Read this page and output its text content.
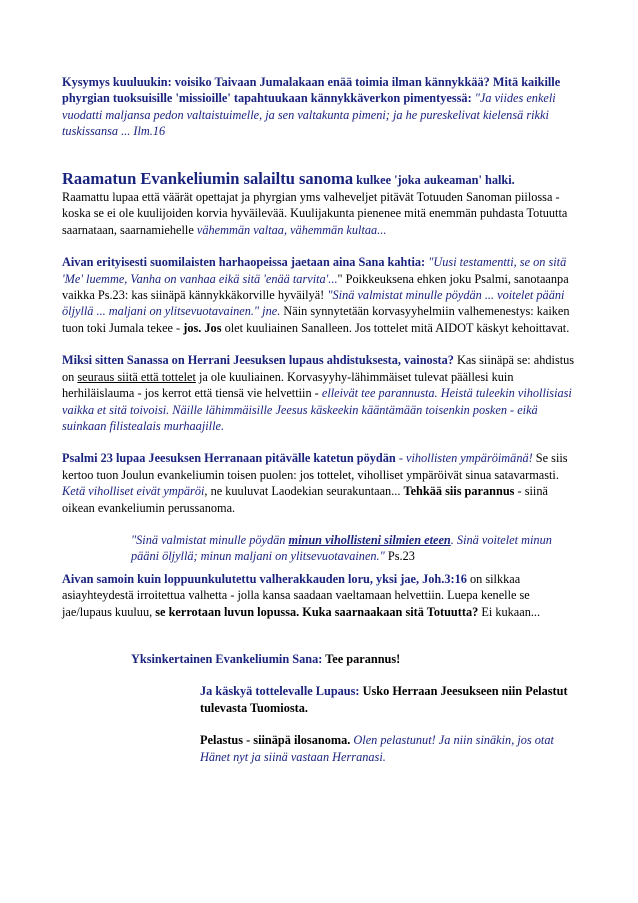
Kysymys kuuluukin: voisiko Taivaan Jumalakaan enää toimia ilman kännykkää? Mitä kaikille phyrgian tuoksuisille 'missioille' tapahtuukaan kännykkäverkon pimentyessä: "Ja viides enkeli vuodatti maljansa pedon valtaistuimelle, ja sen valtakunta pimeni; ja he pureskelivat kielensä rikki tuskissansa ... Ilm.16

Raamatun Evankeliumin salailtu sanoma kulkee 'joka aukeaman' halki.

Raamattu lupaa että väärät opettajat ja phyrgian yms valheveljet pitävät Totuuden Sanoman piilossa - koska se ei ole kuulijoiden korvia hyväilevää. Kuulijakunta pienenee mitä enemmän puhdasta Totuutta saarnataan, saarnamiehelle vähemmän valtaa, vähemmän kultaa...

Aivan erityisesti suomilaisten harhaopeissa jaetaan aina Sana kahtia: "Uusi testamentti, se on sitä 'Me' luemme, Vanha on vanhaa eikä sitä 'enää tarvita'..." Poikkeuksena ehken joku Psalmi, sanotaanpa vaikka Ps.23: kas siinäpä kännykkäkorville hyväilyä! "Sinä valmistat minulle pöydän ... voitelet pääni öljyllä ... maljani on ylitsevuotavainen." jne. Näin synnytetään korvasyyhelmiin valhemenestys: kaiken tuon toki Jumala tekee - jos. Jos olet kuuliainen Sanalleen. Jos tottelet mitä AIDOT käskyt kehoittavat.

Miksi sitten Sanassa on Herrani Jeesuksen lupaus ahdistuksesta, vainosta? Kas siinäpä se: ahdistus on seuraus siitä että tottelet ja ole kuuliainen. Korvasyyhy-lähimmäiset tulevat päällesi kuin herhiläislauma - jos kerrot että tiensä vie helvettiin - elleivät tee parannusta. Heistä tuleekin vihollisiasi vaikka et sitä toivoisi. Näille lähimmäisille Jeesus käskeekin kääntämään toisenkin posken - eikä suinkaan filistealais murhaajille.

Psalmi 23 lupaa Jeesuksen Herranaan pitävälle katetun pöydän - vihollisten ympäröimänä! Se siis kertoo tuon Joulun evankeliumin toisen puolen: jos tottelet, viholliset ympäröivät sinua satavarmasti. Ketä viholliset eivät ympäröi, ne kuuluvat Laodekian seurakuntaan... Tehkää siis parannus - siinä oikean evankeliumin perussanoma.

"Sinä valmistat minulle pöydän minun vihollisteni silmien eteen. Sinä voitelet minun pääni öljyllä; minun maljani on ylitsevuotavainen." Ps.23

Aivan samoin kuin loppuunkulutettu valherakkauden loru, yksi jae, Joh.3:16 on silkkaa asiayhteydestä irroitettua valhetta - jolla kansa saadaan vaeltamaan helvettiin. Luepa kenelle se jae/lupaus kuuluu, se kerrotaan luvun lopussa. Kuka saarnaakaan sitä Totuutta? Ei kukaan...

Yksinkertainen Evankeliumin Sana: Tee parannus!

Ja käskyä tottelevalle Lupaus: Usko Herraan Jeesukseen niin Pelastut tulevasta Tuomiosta.

Pelastus - siinäpä ilosanoma. Olen pelastunut! Ja niin sinäkin, jos otat Hänet nyt ja siinä vastaan Herranasi.
